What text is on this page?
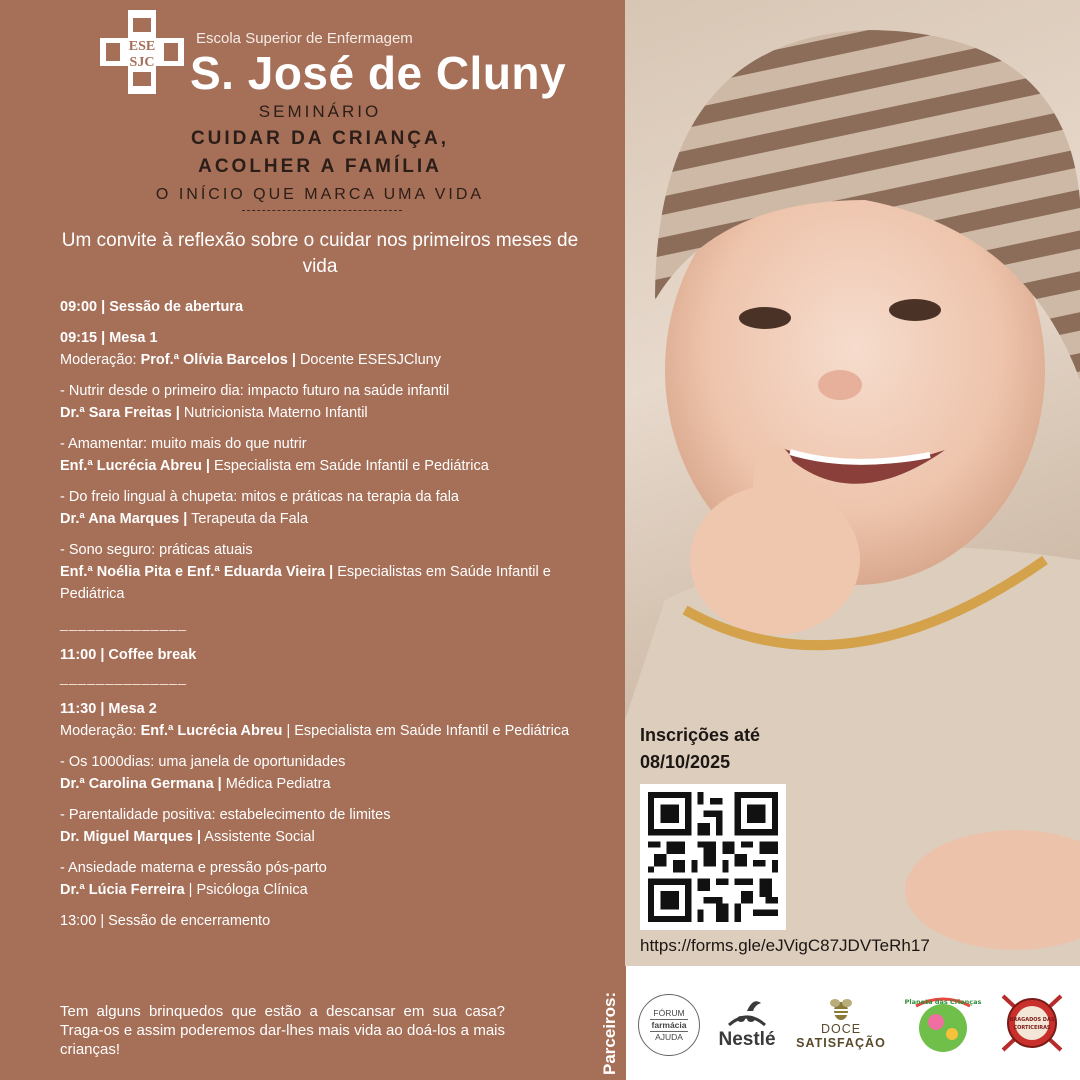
ESE
SJC
Escola Superior de Enfermagem
S. José de Cluny
SEMINÁRIO
CUIDAR DA CRIANÇA,
ACOLHER A FAMÍLIA
O INÍCIO QUE MARCA UMA VIDA
Um convite à reflexão sobre o cuidar nos primeiros meses de vida
09:00 | Sessão de abertura
09:15 | Mesa 1
Moderação: Prof.ª Olívia Barcelos | Docente ESESJCluny
- Nutrir desde o primeiro dia: impacto futuro na saúde infantil
Dr.ª Sara Freitas | Nutricionista Materno Infantil
- Amamentar: muito mais do que nutrir
Enf.ª Lucrécia Abreu | Especialista em Saúde Infantil e Pediátrica
- Do freio lingual à chupeta: mitos e práticas na terapia da fala
Dr.ª Ana Marques | Terapeuta da Fala
- Sono seguro: práticas atuais
Enf.ª Noélia Pita e Enf.ª Eduarda Vieira | Especialistas em Saúde Infantil e Pediátrica
______________
11:00 | Coffee break
______________
11:30 | Mesa 2
Moderação: Enf.ª Lucrécia Abreu | Especialista em Saúde Infantil e Pediátrica
- Os 1000dias: uma janela de oportunidades
Dr.ª Carolina Germana | Médica Pediatra
- Parentalidade positiva: estabelecimento de limites
Dr. Miguel Marques | Assistente Social
- Ansiedade materna e pressão pós-parto
Dr.ª Lúcia Ferreira | Psicóloga Clínica
13:00 | Sessão de encerramento
Inscrições até
08/10/2025
https://forms.gle/eJVigC87JDVTeRh17
Tem alguns brinquedos que estão a descansar em sua casa? Traga-os e assim poderemos dar-lhes mais vida ao doá-los a mais crianças!	Parceiros:	FÓRUM
farmácia
AJUDA Nestlé	DOCE
SATISFAÇÃO
Planeta das Crianças
BRAGADOS DAS
CORTICEIRAS
